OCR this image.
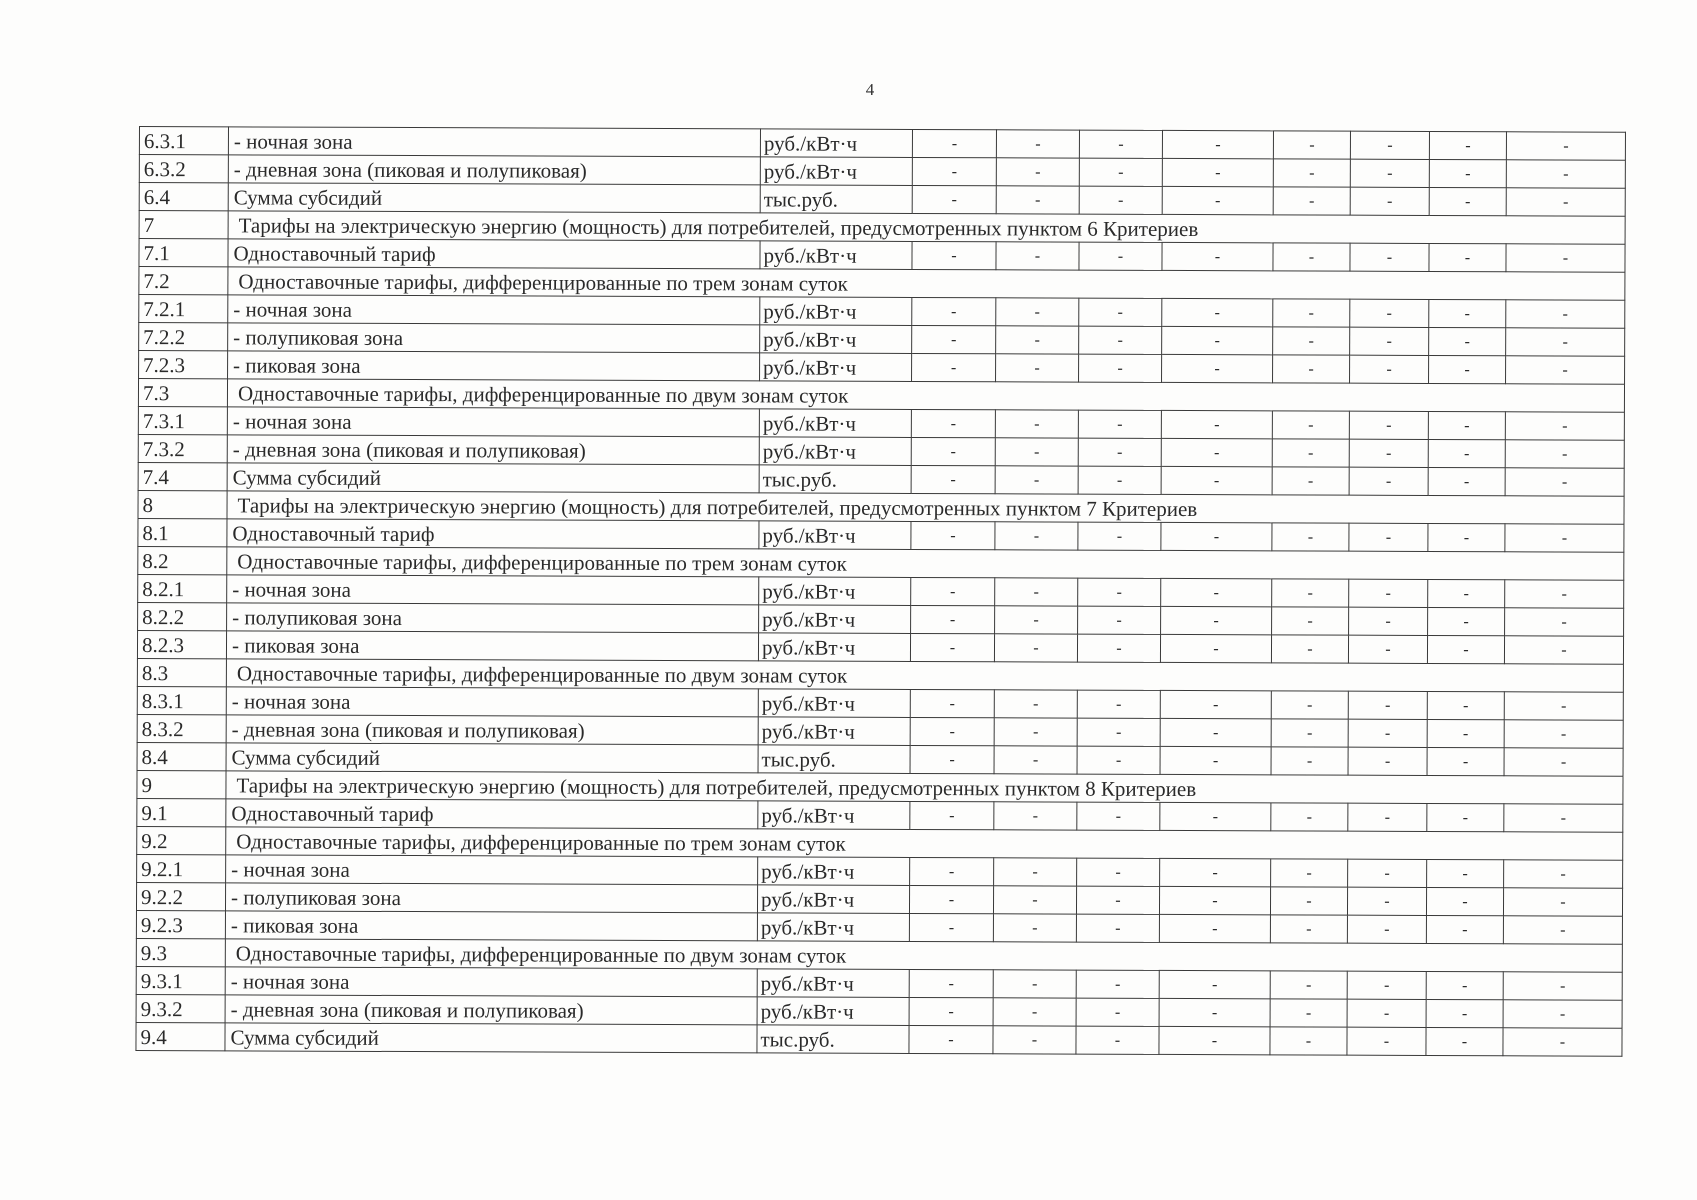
4
6.3.1	- ночная зона	руб./кВт·ч	-	-	-	-	-	-	-	-
6.3.2	- дневная зона (пиковая и полупиковая)	руб./кВт·ч	-	-	-	-	-	-	-	-
6.4	Сумма субсидий	тыс.руб.	-	-	-	-	-	-	-	-
7	Тарифы на электрическую энергию (мощность) для потребителей, предусмотренных пунктом 6 Критериев									
7.1	Одноставочный тариф	руб./кВт·ч	-	-	-	-	-	-	-	-
7.2	Одноставочные тарифы, дифференцированные по трем зонам суток									
7.2.1	- ночная зона	руб./кВт·ч	-	-	-	-	-	-	-	-
7.2.2	- полупиковая зона	руб./кВт·ч	-	-	-	-	-	-	-	-
7.2.3	- пиковая зона	руб./кВт·ч	-	-	-	-	-	-	-	-
7.3	Одноставочные тарифы, дифференцированные по двум зонам суток									
7.3.1	- ночная зона	руб./кВт·ч	-	-	-	-	-	-	-	-
7.3.2	- дневная зона (пиковая и полупиковая)	руб./кВт·ч	-	-	-	-	-	-	-	-
7.4	Сумма субсидий	тыс.руб.	-	-	-	-	-	-	-	-
8	Тарифы на электрическую энергию (мощность) для потребителей, предусмотренных пунктом 7 Критериев									
8.1	Одноставочный тариф	руб./кВт·ч	-	-	-	-	-	-	-	-
8.2	Одноставочные тарифы, дифференцированные по трем зонам суток									
8.2.1	- ночная зона	руб./кВт·ч	-	-	-	-	-	-	-	-
8.2.2	- полупиковая зона	руб./кВт·ч	-	-	-	-	-	-	-	-
8.2.3	- пиковая зона	руб./кВт·ч	-	-	-	-	-	-	-	-
8.3	Одноставочные тарифы, дифференцированные по двум зонам суток									
8.3.1	- ночная зона	руб./кВт·ч	-	-	-	-	-	-	-	-
8.3.2	- дневная зона (пиковая и полупиковая)	руб./кВт·ч	-	-	-	-	-	-	-	-
8.4	Сумма субсидий	тыс.руб.	-	-	-	-	-	-	-	-
9	Тарифы на электрическую энергию (мощность) для потребителей, предусмотренных пунктом 8 Критериев									
9.1	Одноставочный тариф	руб./кВт·ч	-	-	-	-	-	-	-	-
9.2	Одноставочные тарифы, дифференцированные по трем зонам суток									
9.2.1	- ночная зона	руб./кВт·ч	-	-	-	-	-	-	-	-
9.2.2	- полупиковая зона	руб./кВт·ч	-	-	-	-	-	-	-	-
9.2.3	- пиковая зона	руб./кВт·ч	-	-	-	-	-	-	-	-
9.3	Одноставочные тарифы, дифференцированные по двум зонам суток									
9.3.1	- ночная зона	руб./кВт·ч	-	-	-	-	-	-	-	-
9.3.2	- дневная зона (пиковая и полупиковая)	руб./кВт·ч	-	-	-	-	-	-	-	-
9.4	Сумма субсидий	тыс.руб.	-	-	-	-	-	-	-	-
